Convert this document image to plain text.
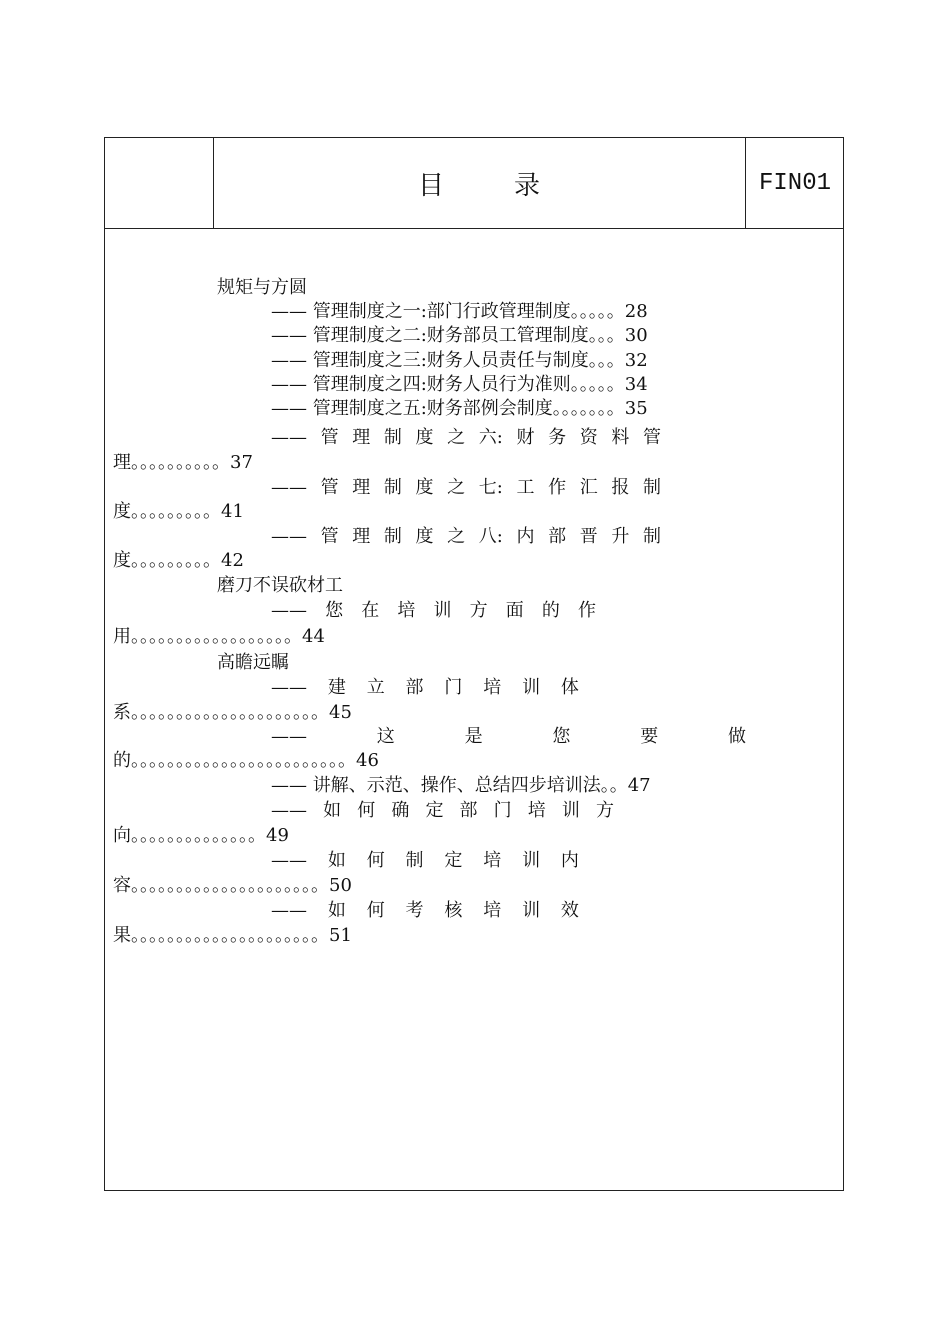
目录	FIN01
规矩与方圆
—— 管理制度之一:部门行政管理制度。。。。。28
—— 管理制度之二:财务部员工管理制度。。。30
—— 管理制度之三:财务人员责任与制度。。。32
—— 管理制度之四:财务人员行为准则。。。。。34
—— 管理制度之五:财务部例会制度。。。。。。。35
—— 管 理 制 度 之 六: 财 务 资 料 管
理。。。。。。。。。。37
—— 管 理 制 度 之 七: 工 作 汇 报 制
度。。。。。。。。。41
—— 管 理 制 度 之 八: 内 部 晋 升 制
度。。。。。。。。。42
磨刀不误砍材工
—— 您 在 培 训 方 面 的 作
用。。。。。。。。。。。。。。。。。。44
高瞻远瞩
—— 建 立 部 门 培 训 体
系。。。。。。。。。。。。。。。。。。。。。45
——	这	是	您	要	做
的。。。。。。。。。。。。。。。。。。。。。。。。46
—— 讲解、示范、操作、总结四步培训法。。47
—— 如 何 确 定 部 门 培 训 方
向。。。。。。。。。。。。。。49
—— 如 何 制 定 培 训 内
容。。。。。。。。。。。。。。。。。。。。。50
—— 如 何 考 核 培 训 效
果。。。。。。。。。。。。。。。。。。。。。51
